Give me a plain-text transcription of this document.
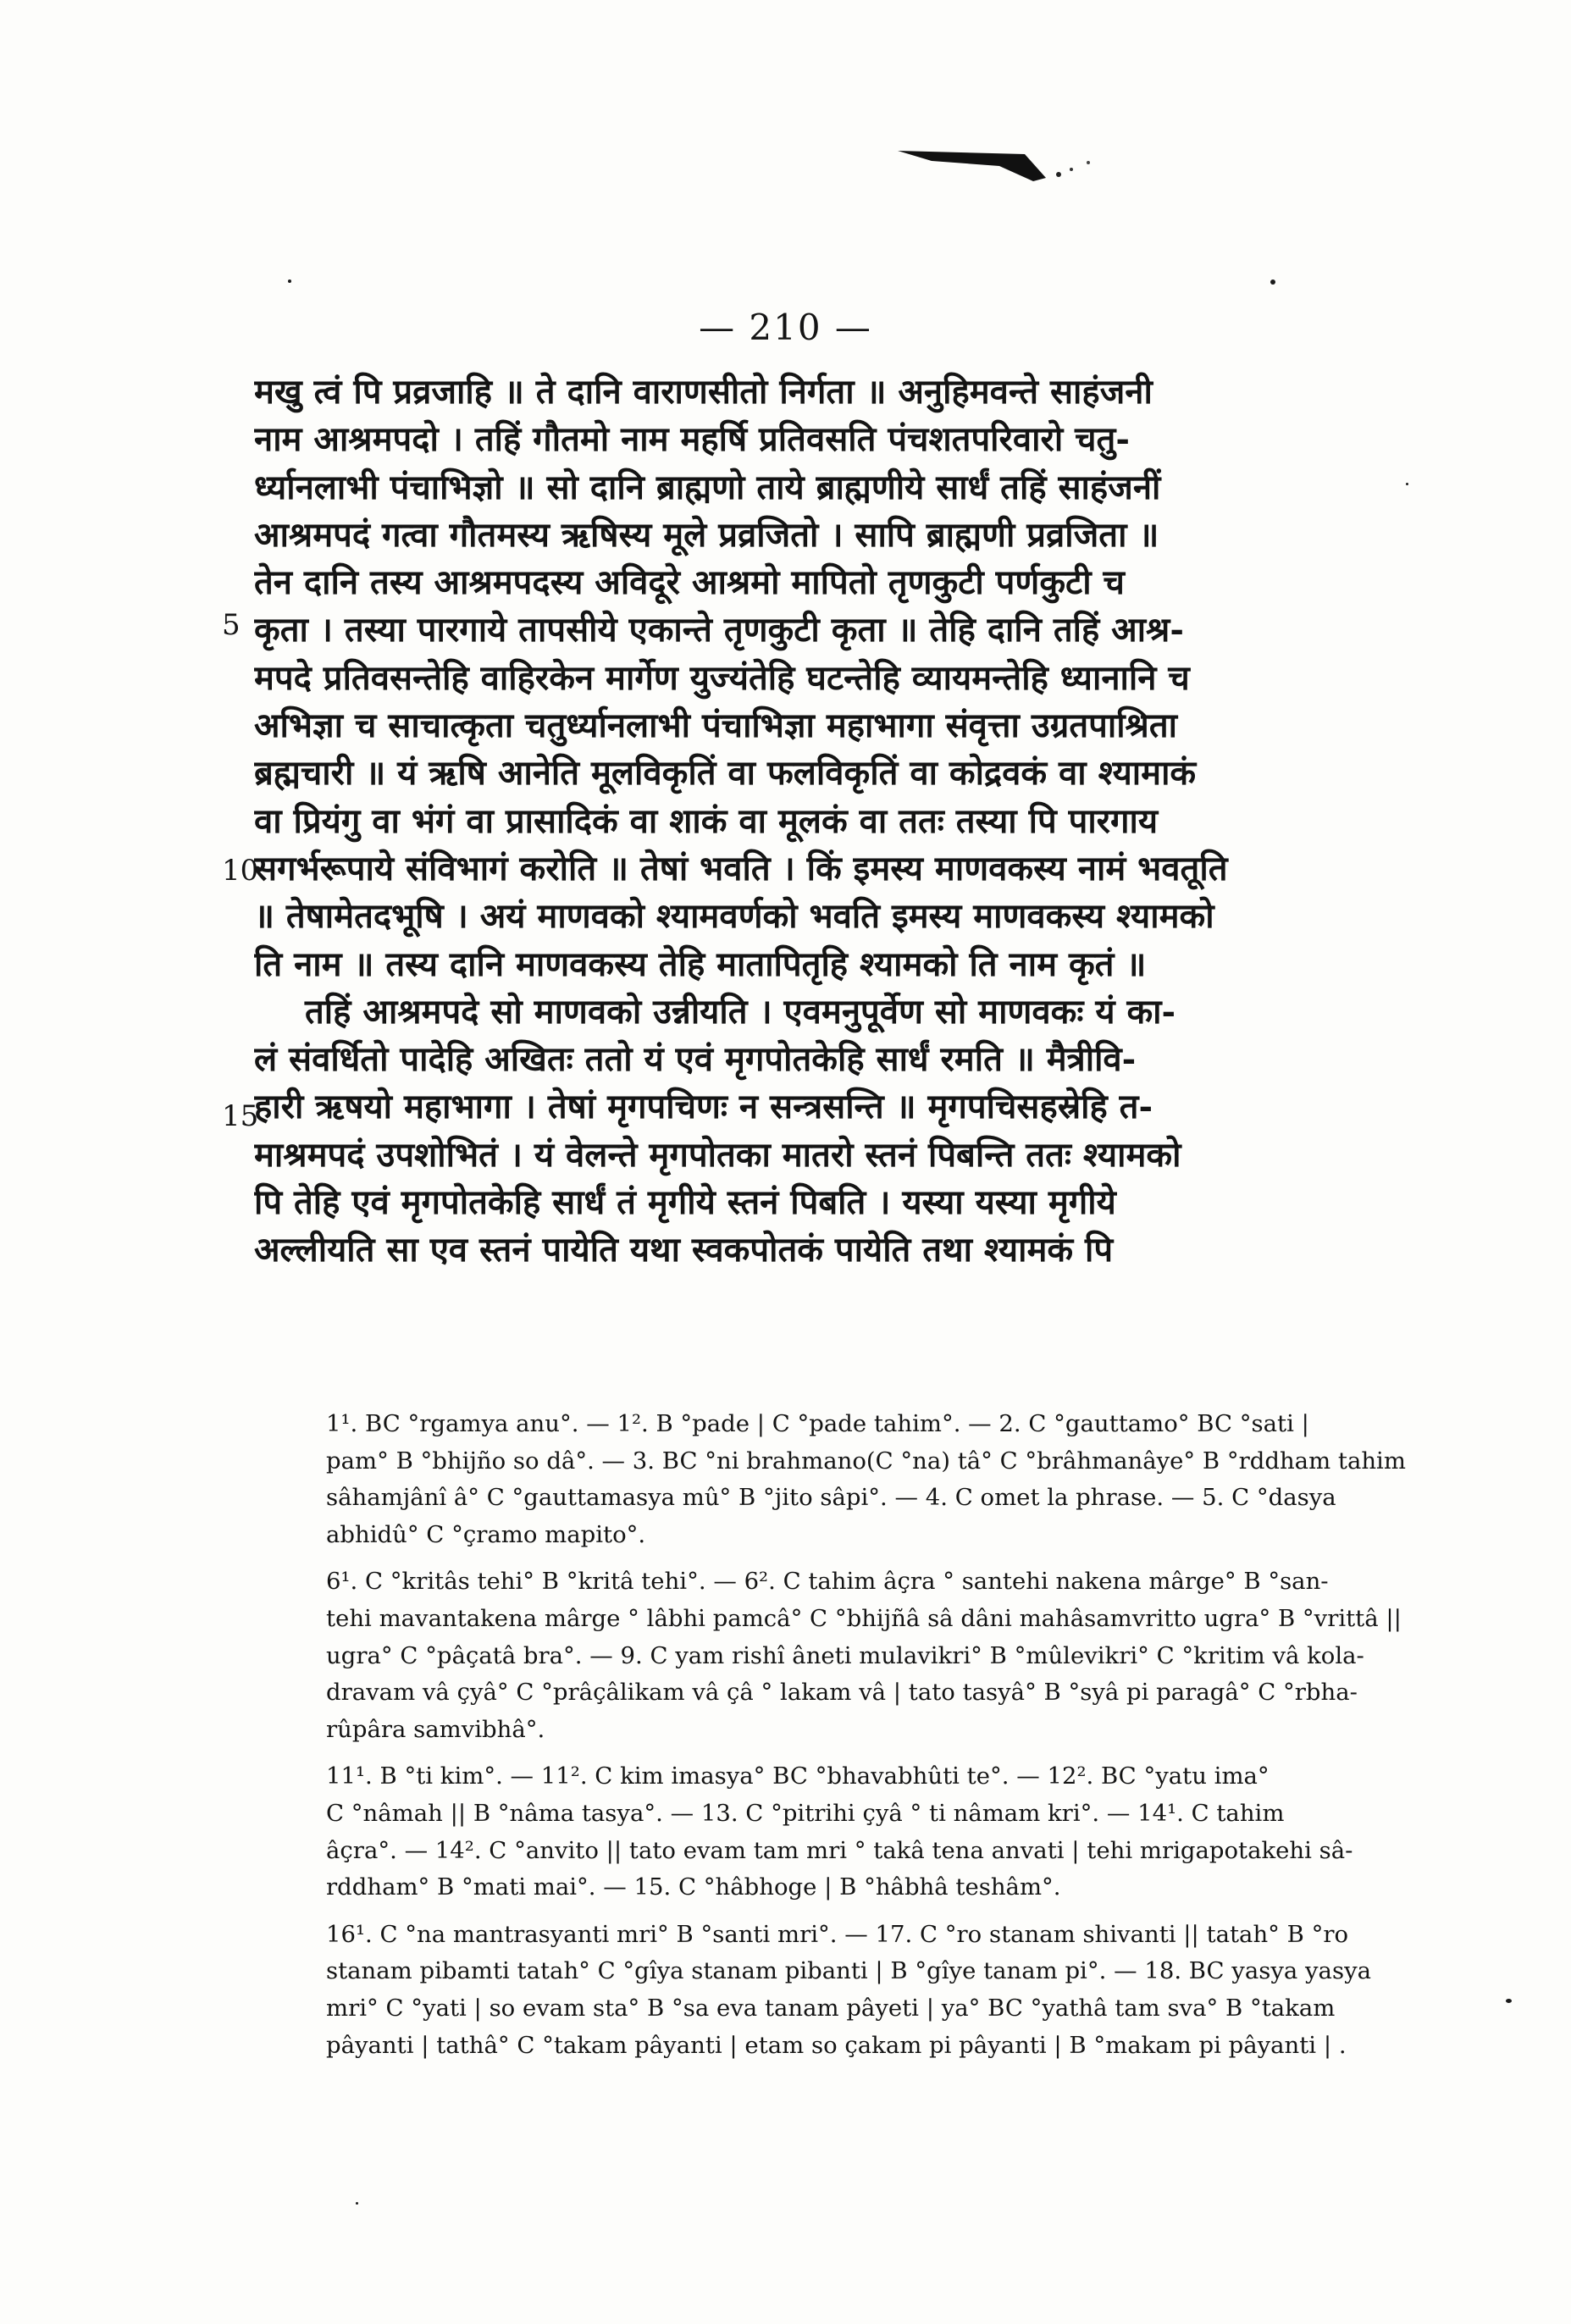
— 210 —
5
10
15
मखु त्वं पि प्रव्रजाहि ॥ ते दानि वाराणसीतो निर्गता ॥ अनुहिमवन्ते साहंजनी
नाम आश्रमपदो । तहिं गौतमो नाम महर्षि प्रतिवसति पंचशतपरिवारो चतु-
र्ध्यानलाभी पंचाभिज्ञो ॥ सो दानि ब्राह्मणो ताये ब्राह्मणीये सार्धं तहिं साहंजनीं
आश्रमपदं गत्वा गौतमस्य ऋषिस्य मूले प्रव्रजितो । सापि ब्राह्मणी प्रव्रजिता ॥
तेन दानि तस्य आश्रमपदस्य अविदूरे आश्रमो मापितो तृणकुटी पर्णकुटी च
कृता । तस्या पारगाये तापसीये एकान्ते तृणकुटी कृता ॥ तेहि दानि तहिं आश्र-
मपदे प्रतिवसन्तेहि वाहिरकेन मार्गेण युज्यंतेहि घटन्तेहि व्यायमन्तेहि ध्यानानि च
अभिज्ञा च साचात्कृता चतुर्ध्यानलाभी पंचाभिज्ञा महाभागा संवृत्ता उग्रतपाश्रिता
ब्रह्मचारी ॥ यं ऋषि आनेति मूलविकृतिं वा फलविकृतिं वा कोद्रवकं वा श्यामाकं
वा प्रियंगु वा भंगं वा प्रासादिकं वा शाकं वा मूलकं वा ततः तस्या पि पारगाय
सगर्भरूपाये संविभागं करोति ॥ तेषां भवति । किं इमस्य माणवकस्य नामं भवतूति
॥ तेषामेतदभूषि । अयं माणवको श्यामवर्णको भवति इमस्य माणवकस्य श्यामको
ति नाम ॥ तस्य दानि माणवकस्य तेहि मातापितृहि श्यामको ति नाम कृतं ॥
तहिं आश्रमपदे सो माणवको उन्नीयति । एवमनुपूर्वेण सो माणवकः यं का-
लं संवर्धितो पादेहि अखितः ततो यं एवं मृगपोतकेहि सार्धं रमति ॥ मैत्रीवि-
हारी ऋषयो महाभागा । तेषां मृगपचिणः न सन्त्रसन्ति ॥ मृगपचिसहस्रेहि त-
माश्रमपदं उपशोभितं । यं वेलन्ते मृगपोतका मातरो स्तनं पिबन्ति ततः श्यामको
पि तेहि एवं मृगपोतकेहि सार्धं तं मृगीये स्तनं पिबति । यस्या यस्या मृगीये
अल्लीयति सा एव स्तनं पायेति यथा स्वकपोतकं पायेति तथा श्यामकं पि
1¹. BC °rgamya anu°. — 1². B °pade | C °pade tahim°. — 2. C °gauttamo° BC °sati |
pam° B °bhijño so dâ°. — 3. BC °ni brahmano(C °na) tâ° C °brâhmanâye° B °rddham tahim
sâhamjânî â° C °gauttamasya mû° B °jito sâpi°. — 4. C omet la phrase. — 5. C °dasya
abhidû° C °çramo mapito°.
6¹. C °kritâs tehi° B °kritâ tehi°. — 6². C tahim âçra ° santehi nakena mârge° B °san-
tehi mavantakena mârge ° lâbhi pamcâ° C °bhijñâ sâ dâni mahâsamvritto ugra° B °vrittâ ||
ugra° C °pâçatâ bra°. — 9. C yam rishî âneti mulavikri° B °mûlevikri° C °kritim vâ kola-
dravam vâ çyâ° C °prâçâlikam vâ çâ ° lakam vâ | tato tasyâ° B °syâ pi paragâ° C °rbha-
rûpâra samvibhâ°.
11¹. B °ti kim°. — 11². C kim imasya° BC °bhavabhûti te°. — 12². BC °yatu ima°
C °nâmah || B °nâma tasya°. — 13. C °pitrihi çyâ ° ti nâmam kri°. — 14¹. C tahim
âçra°. — 14². C °anvito || tato evam tam mri ° takâ tena anvati | tehi mrigapotakehi sâ-
rddham° B °mati mai°. — 15. C °hâbhoge | B °hâbhâ teshâm°.
16¹. C °na mantrasyanti mri° B °santi mri°. — 17. C °ro stanam shivanti || tatah° B °ro
stanam pibamti tatah° C °gîya stanam pibanti | B °gîye tanam pi°. — 18. BC yasya yasya
mri° C °yati | so evam sta° B °sa eva tanam pâyeti | ya° BC °yathâ tam sva° B °takam
pâyanti | tathâ° C °takam pâyanti | etam so çakam pi pâyanti | B °makam pi pâyanti | .
